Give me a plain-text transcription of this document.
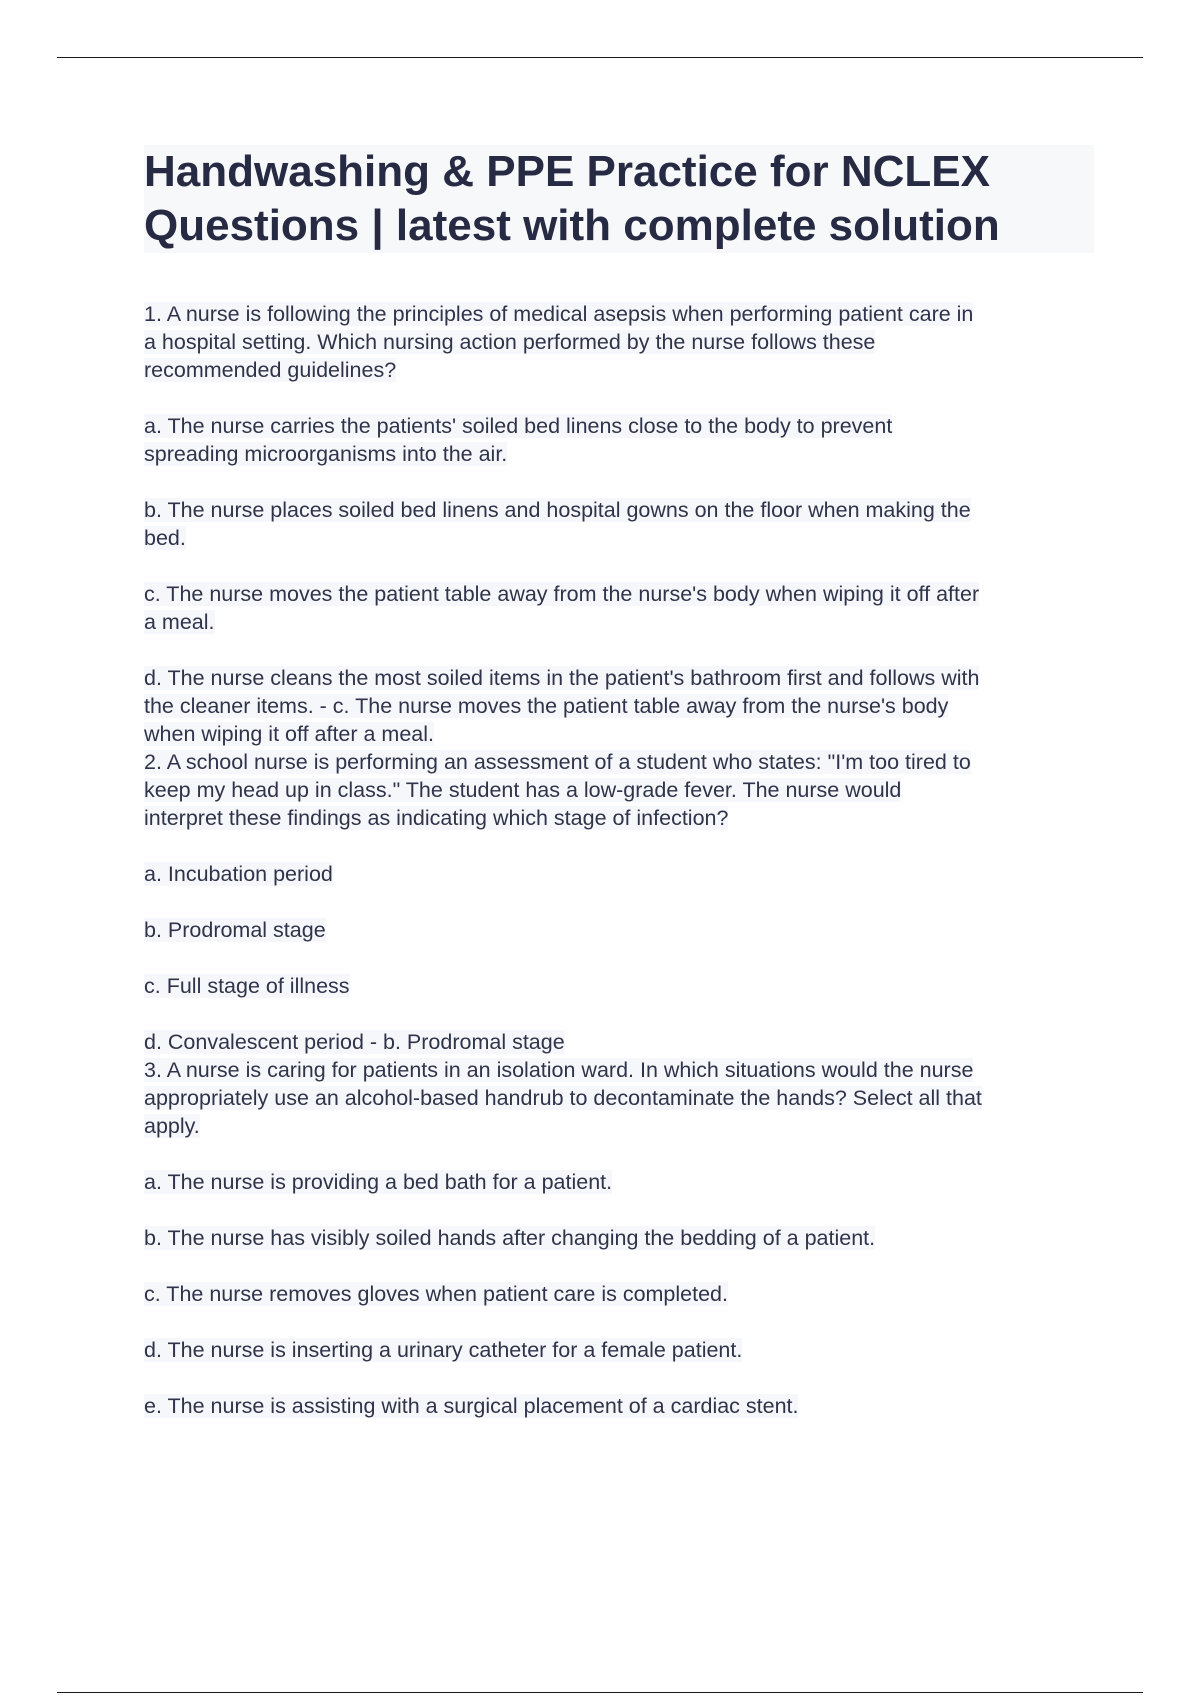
Handwashing & PPE Practice for NCLEX
Questions | latest with complete solution
1. A nurse is following the principles of medical asepsis when performing patient care in
a hospital setting. Which nursing action performed by the nurse follows these
recommended guidelines?
a. The nurse carries the patients' soiled bed linens close to the body to prevent
spreading microorganisms into the air.
b. The nurse places soiled bed linens and hospital gowns on the floor when making the
bed.
c. The nurse moves the patient table away from the nurse's body when wiping it off after
a meal.
d. The nurse cleans the most soiled items in the patient's bathroom first and follows with
the cleaner items. - c. The nurse moves the patient table away from the nurse's body
when wiping it off after a meal.
2. A school nurse is performing an assessment of a student who states: "I'm too tired to
keep my head up in class." The student has a low-grade fever. The nurse would
interpret these findings as indicating which stage of infection?
a. Incubation period
b. Prodromal stage
c. Full stage of illness
d. Convalescent period - b. Prodromal stage
3. A nurse is caring for patients in an isolation ward. In which situations would the nurse
appropriately use an alcohol-based handrub to decontaminate the hands? Select all that
apply.
a. The nurse is providing a bed bath for a patient.
b. The nurse has visibly soiled hands after changing the bedding of a patient.
c. The nurse removes gloves when patient care is completed.
d. The nurse is inserting a urinary catheter for a female patient.
e. The nurse is assisting with a surgical placement of a cardiac stent.
